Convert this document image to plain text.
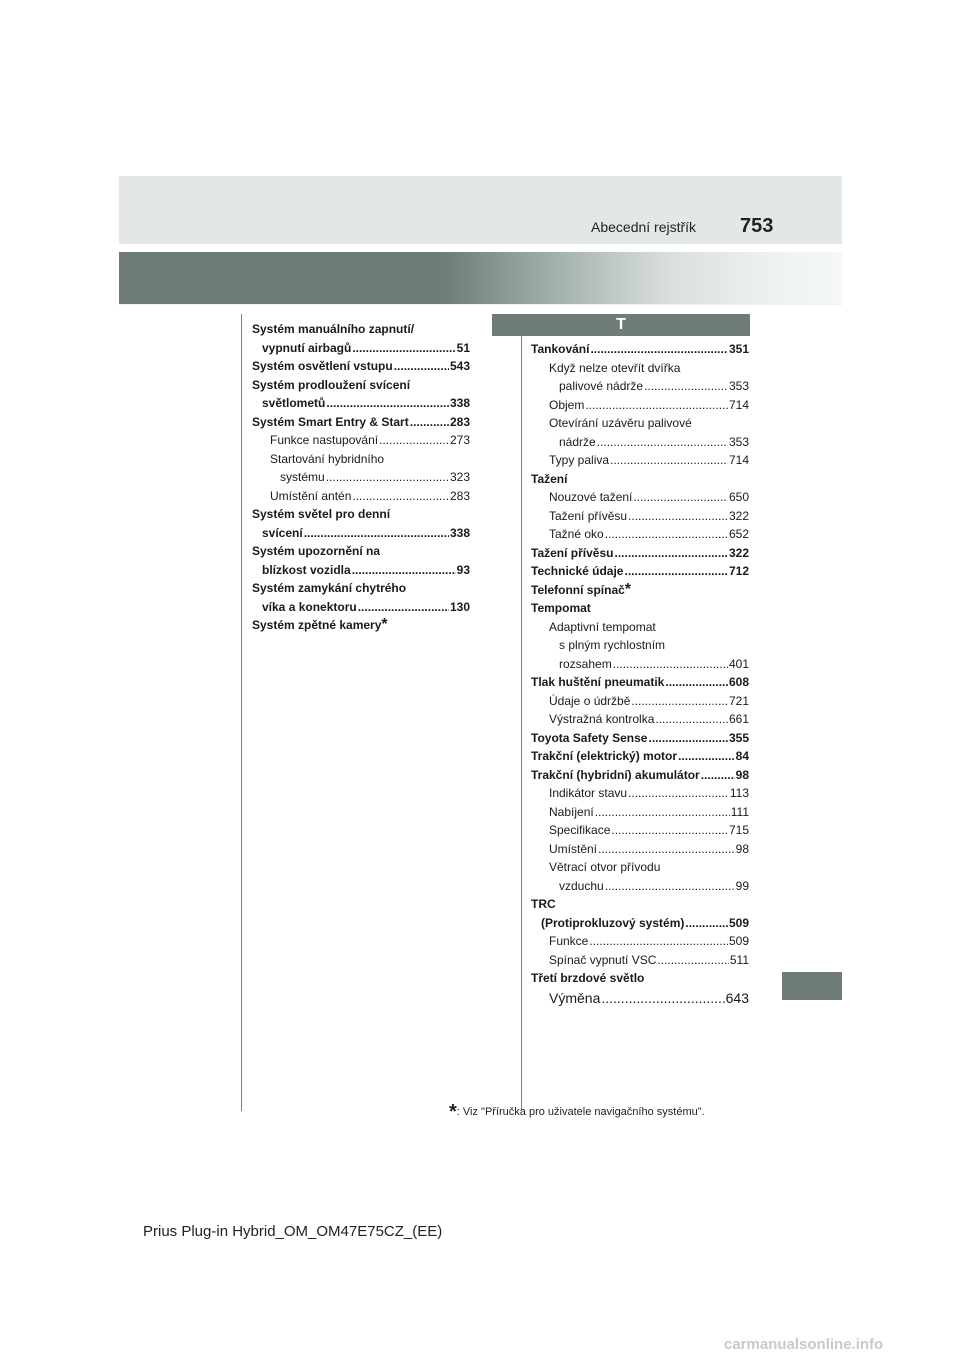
Abecední rejstřík 753
T
Systém manuálního zapnutí/
vypnutí airbagů .....	51
Systém osvětlení vstupu .....	543
Systém prodloužení svícení
světlometů .....	338
Systém Smart Entry & Start .....	283
Funkce nastupování .....	273
Startování hybridního
systému .....	323
Umístění antén .....	283
Systém světel pro denní
svícení .....	338
Systém upozornění na
blízkost vozidla .....	93
Systém zamykání chytrého
víka a konektoru .....	130
Systém zpětné kamery *
Tankování .....	351
Když nelze otevřít dvířka
palivové nádrže .....	353
Objem .....	714
Otevírání uzávěru palivové
nádrže .....	353
Typy paliva .....	714
Tažení
Nouzové tažení .....	650
Tažení přívěsu .....	322
Tažné oko .....	652
Tažení přívěsu .....	322
Technické údaje .....	712
Telefonní spínač *
Tempomat
Adaptivní tempomat
s plným rychlostním
rozsahem .....	401
Tlak huštění pneumatik .....	608
Údaje o údržbě .....	721
Výstražná kontrolka .....	661
Toyota Safety Sense .....	355
Trakční (elektrický) motor .....	84
Trakční (hybridní) akumulátor .....	98
Indikátor stavu .....	113
Nabíjení .....	111
Specifikace .....	715
Umístění .....	98
Větrací otvor přívodu
vzduchu .....	99
TRC
(Protiprokluzový systém) .....	509
Funkce .....	509
Spínač vypnutí VSC .....	511
Třetí brzdové světlo
Výměna .....	643
*: Viz "Příručka pro uživatele navigačního systému".
Prius Plug-in Hybrid_OM_OM47E75CZ_(EE)
carmanualsonline.info
